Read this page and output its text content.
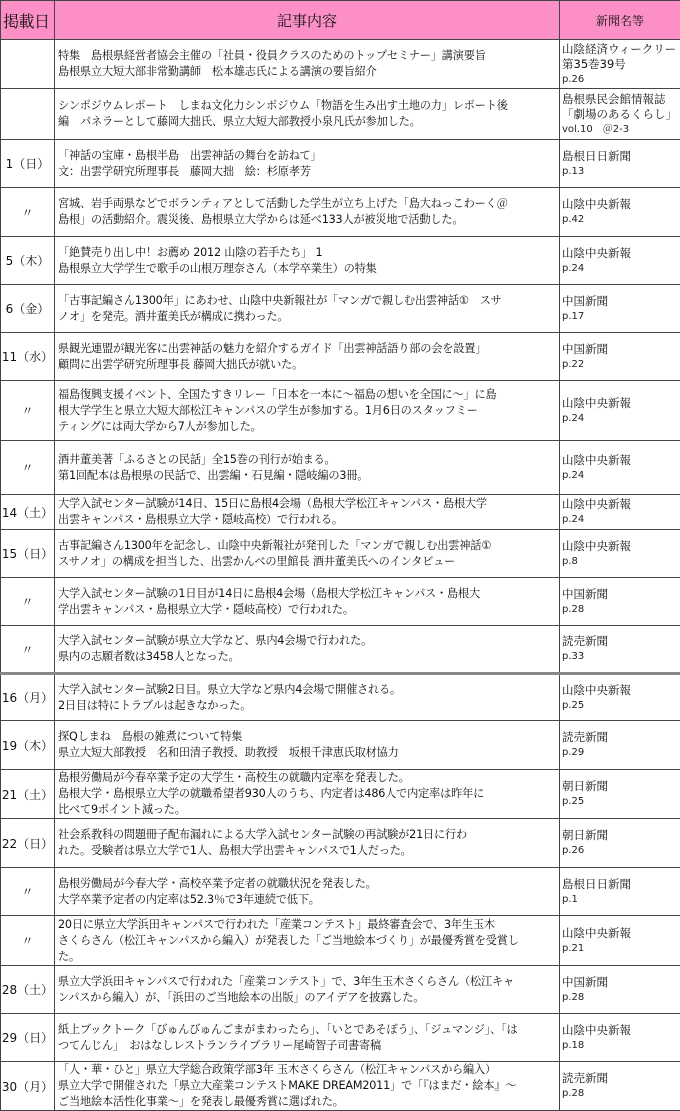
掲載日	記事内容	新聞名等

	特集　島根県経営者協会主催の「社員・役員クラスのためのトップセミナー」講演要旨
島根県立大短大部非常勤講師　松本雄志氏による講演の要旨紹介	山陰経済ウィークリー
第35巻39号
p.26

	シンポジウムレポート　しまね文化力シンポジウム「物語を生み出す土地の力」レポート後
編　パネラーとして藤岡大拙氏、県立大短大部教授小泉凡氏が参加した。	島根県民会館情報誌
「劇場のあるくらし」
vol.10　＠2-3

1（日）	「神話の宝庫・島根半島　出雲神話の舞台を訪ねて」
文：出雲学研究所理事長　藤岡大拙　絵：杉原孝芳	島根日日新聞
p.13

〃	宮城、岩手両県などでボランティアとして活動した学生が立ち上げた「島大ねっこわーく＠
島根」の活動紹介。震災後、島根県立大学からは延べ133人が被災地で活動した。	山陰中央新報
p.42

5（木）	「絶賛売り出し中！お薦め 2012 山陰の若手たち」 1
島根県立大学学生で歌手の山根万理奈さん（本学卒業生）の特集	山陰中央新報
p.24

6（金）	「古事記編さん1300年」にあわせ、山陰中央新報社が「マンガで親しむ出雲神話①　スサ
ノオ」を発売。酒井董美氏が構成に携わった。	中国新聞
p.17

11（水）	県観光連盟が観光客に出雲神話の魅力を紹介するガイド「出雲神話語り部の会を設置」
顧問に出雲学研究所理事長 藤岡大拙氏が就いた。	中国新聞
p.22

〃	福島復興支援イベント、全国たすきリレー「日本を一本に～福島の想いを全国に～」に島
根大学学生と県立大短大部松江キャンパスの学生が参加する。1月6日のスタッフミー
ティングには両大学から7人が参加した。	山陰中央新報
p.24

〃	酒井董美著「ふるさとの民話」全15巻の刊行が始まる。
第1回配本は島根県の民話で、出雲編・石見編・隠岐編の3冊。	山陰中央新報
p.24

14（土）	大学入試センター試験が14日、15日に島根4会場（島根大学松江キャンパス・島根大学
出雲キャンパス・島根県立大学・隠岐高校）で行われる。	山陰中央新報
p.24

15（日）	古事記編さん1300年を記念し、山陰中央新報社が発刊した「マンガで親しむ出雲神話①
スサノオ」の構成を担当した、出雲かんべの里館長 酒井董美氏へのインタビュー	山陰中央新報
p.8

〃	大学入試センター試験の1日目が14日に島根4会場（島根大学松江キャンパス・島根大
学出雲キャンパス・島根県立大学・隠岐高校）で行われた。	中国新聞
p.28

〃	大学入試センター試験が県立大学など、県内4会場で行われた。
県内の志願者数は3458人となった。	読売新聞
p.33

16（月）	大学入試センター試験2日目。県立大学など県内4会場で開催される。
2日目は特にトラブルは起きなかった。	山陰中央新報
p.25

19（木）	探Qしまね　島根の雑煮について特集
県立大短大部教授　名和田清子教授、助教授　坂根千津恵氏取材協力	読売新聞
p.29

21（土）	島根労働局が今春卒業予定の大学生・高校生の就職内定率を発表した。
島根大学・島根県立大学の就職希望者930人のうち、内定者は486人で内定率は昨年に
比べて9ポイント減った。	朝日新聞
p.25

22（日）	社会系教科の問題冊子配布漏れによる大学入試センター試験の再試験が21日に行わ
れた。受験者は県立大学で1人、島根大学出雲キャンパスで1人だった。	朝日新聞
p.26

〃	島根労働局が今春大学・高校卒業予定者の就職状況を発表した。
大学卒業予定者の内定率は52.3％で3年連続で低下。	島根日日新聞
p.1

〃	20日に県立大学浜田キャンパスで行われた「産業コンテスト」最終審査会で、3年生玉木
さくらさん（松江キャンパスから編入）が発表した「ご当地絵本づくり」が最優秀賞を受賞し
た。	山陰中央新報
p.21

28（土）	県立大学浜田キャンパスで行われた「産業コンテスト」で、3年生玉木さくらさん（松江キャ
ンパスから編入）が、「浜田のご当地絵本の出版」のアイデアを披露した。	中国新聞
p.28

29（日）	紙上ブックトーク「びゅんびゅんごまがまわったら」、「いとであそぼう」、「ジュマンジ」、「は
つてんじん」　おはなしレストランライブラリー尾崎智子司書寄稿	山陰中央新報
p.18

30（月）	「人・華・ひと」県立大学総合政策学部3年 玉木さくらさん（松江キャンパスから編入）
県立大学で開催された「県立大産業コンテストMAKE DREAM2011」で「『はまだ・絵本』～
ご当地絵本活性化事業～」を発表し最優秀賞に選ばれた。	読売新聞
p.28
